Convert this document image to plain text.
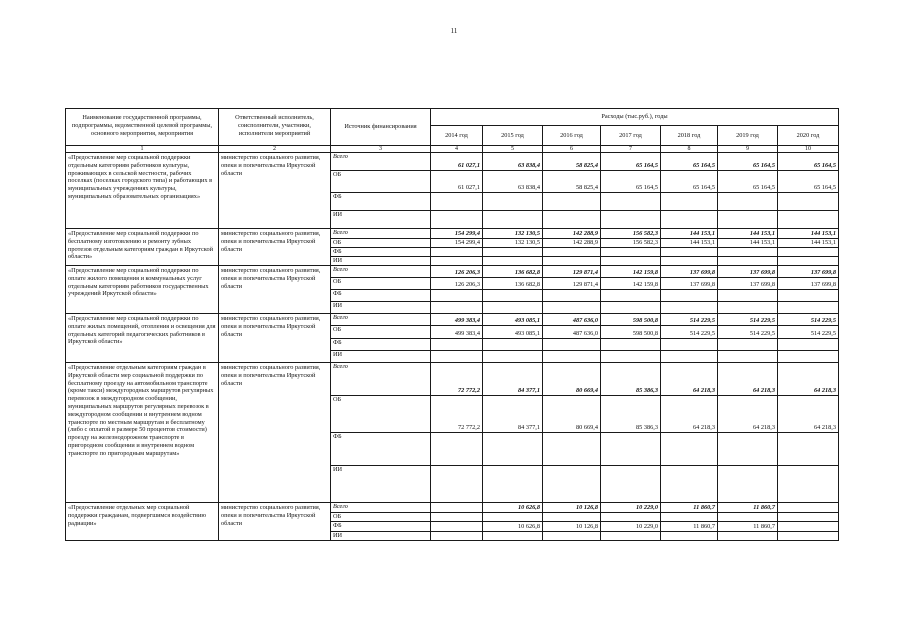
11
Наименование государственной программы, подпрограммы, ведомственной целевой программы, основного мероприятия, мероприятия	Ответственный исполнитель, соисполнители, участники, исполнители мероприятий	Источник финансирования	Расходы (тыс.руб.), годы						
			2014 год	2015 год	2016 год	2017 год	2018 год	2019 год	2020 год
1	2	3	4	5	6	7	8	9	10
«Предоставление мер социальной поддержки отдельным категориям работников культуры, проживающих в сельской местности, рабочих поселках (поселках городского типа) и работающих в муниципальных учреждениях культуры, муниципальных образовательных организациях»	министерство социального развития, опеки и попечительства Иркутской области	Всего	61 027,1	63 838,4	58 825,4	65 164,5	65 164,5	65 164,5	65 164,5
		ОБ	61 027,1	63 838,4	58 825,4	65 164,5	65 164,5	65 164,5	65 164,5
		ФБ							
		ИИ							
«Предоставление мер социальной поддержки по бесплатному изготовлению и ремонту зубных протезов отдельным категориям граждан в Иркутской области»	министерство социального развития, опеки и попечительства Иркутской области	Всего	154 299,4	132 130,5	142 288,9	156 582,3	144 153,1	144 153,1	144 153,1
		ОБ	154 299,4	132 130,5	142 288,9	156 582,3	144 153,1	144 153,1	144 153,1
		ФБ							
		ИИ							
«Предоставление мер социальной поддержки по оплате жилого помещения и коммунальных услуг отдельным категориям работников государственных учреждений Иркутской области»	министерство социального развития, опеки и попечительства Иркутской области	Всего	126 206,3	136 682,8	129 871,4	142 159,8	137 699,8	137 699,8	137 699,8
		ОБ	126 206,3	136 682,8	129 871,4	142 159,8	137 699,8	137 699,8	137 699,8
		ФБ							
		ИИ							
«Предоставление мер социальной поддержки по оплате жилых помещений, отопления и освещения для отдельных категорий педагогических работников в Иркутской области»	министерство социального развития, опеки и попечительства Иркутской области	Всего	499 383,4	493 085,1	487 636,0	598 500,8	514 229,5	514 229,5	514 229,5
		ОБ	499 383,4	493 085,1	487 636,0	598 500,8	514 229,5	514 229,5	514 229,5
		ФБ							
		ИИ							
«Предоставление отдельным категориям граждан в Иркутской области мер социальной поддержки по бесплатному проезду на автомобильном транспорте (кроме такси) междугородных маршрутов регулярных перевозок в междугородном сообщении, муниципальных маршрутов регулярных перевозок в междугородном сообщении и внутреннем водном транспорте по местным маршрутам и бесплатному (либо с оплатой в размере 50 процентов стоимости) проезду на железнодорожном транспорте в пригородном сообщении и внутреннем водном транспорте по пригородным маршрутам»	министерство социального развития, опеки и попечительства Иркутской области	Всего	72 772,2	84 377,1	80 669,4	85 386,3	64 218,3	64 218,3	64 218,3
		ОБ	72 772,2	84 377,1	80 669,4	85 386,3	64 218,3	64 218,3	64 218,3
		ФБ							
		ИИ							
«Предоставление отдельных мер социальной поддержки гражданам, подвергшимся воздействию радиации»	министерство социального развития, опеки и попечительства Иркутской области	Всего		10 626,8	10 126,8	10 229,0	11 860,7	11 860,7	
		ОБ							
		ФБ		10 626,8	10 126,8	10 229,0	11 860,7	11 860,7	
		ИИ							
